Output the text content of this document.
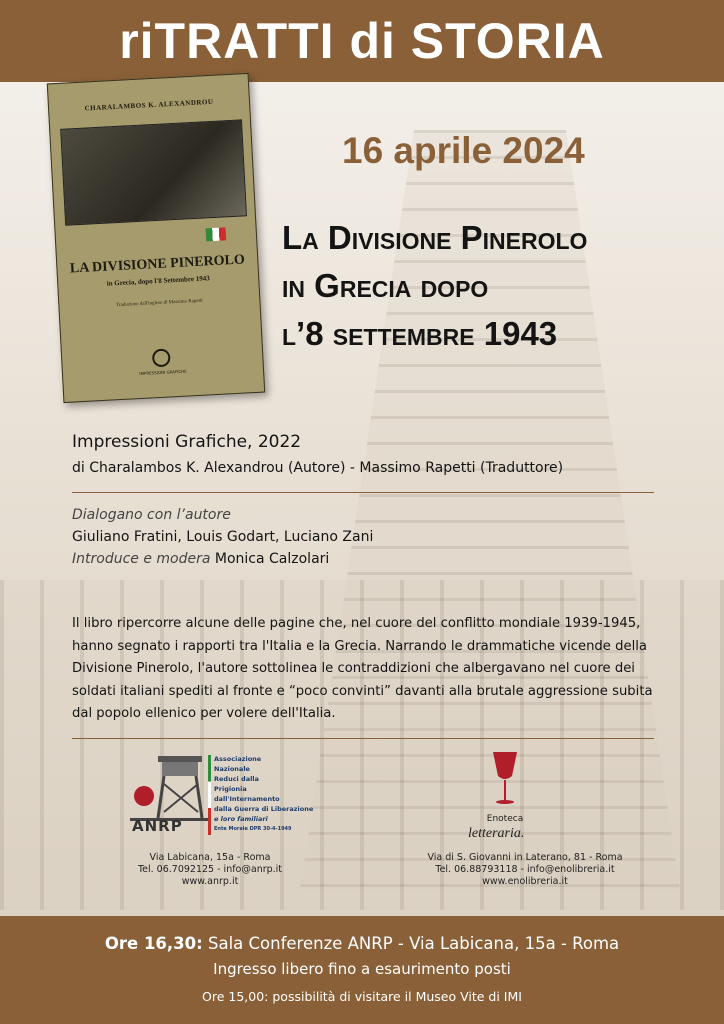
riTRATTI di STORIA
CHARALAMBOS K. ALEXANDROU
LA DIVISIONE PINEROLO
in Grecia, dopo l'8 Settembre 1943
Traduzione dall'inglese di Massimo Rapetti
IMPRESSIONI GRAFICHE
16 aprile 2024
La Divisione Pinerolo
in Grecia dopo
l’8 settembre 1943
Impressioni Grafiche, 2022
di Charalambos K. Alexandrou (Autore) - Massimo Rapetti (Traduttore)
Dialogano con l’autore
Giuliano Fratini, Louis Godart, Luciano Zani
Introduce e modera Monica Calzolari
Il libro ripercorre alcune delle pagine che, nel cuore del conflitto mondiale 1939-1945, hanno segnato i rapporti tra l'Italia e la Grecia. Narrando le drammatiche vicende della Divisione Pinerolo, l'autore sottolinea le contraddizioni che albergavano nel cuore dei soldati italiani spediti al fronte e “poco convinti” davanti alla brutale aggressione subita dal popolo ellenico per volere dell'Italia.
Associazione
Nazionale
Reduci dalla
Prigionia
dall'Internamento
dalla Guerra di Liberazione
e loro familiari
Ente Morale DPR 30-4-1949
ANRP
Via Labicana, 15a - Roma
Tel. 06.7092125 - info@anrp.it
www.anrp.it
Enoteca
letteraria.
Via di S. Giovanni in Laterano, 81 - Roma
Tel. 06.88793118 - info@enolibreria.it
www.enolibreria.it
Ore 16,30: Sala Conferenze ANRP - Via Labicana, 15a - Roma
Ingresso libero fino a esaurimento posti
Ore 15,00: possibilità di visitare il Museo Vite di IMI
